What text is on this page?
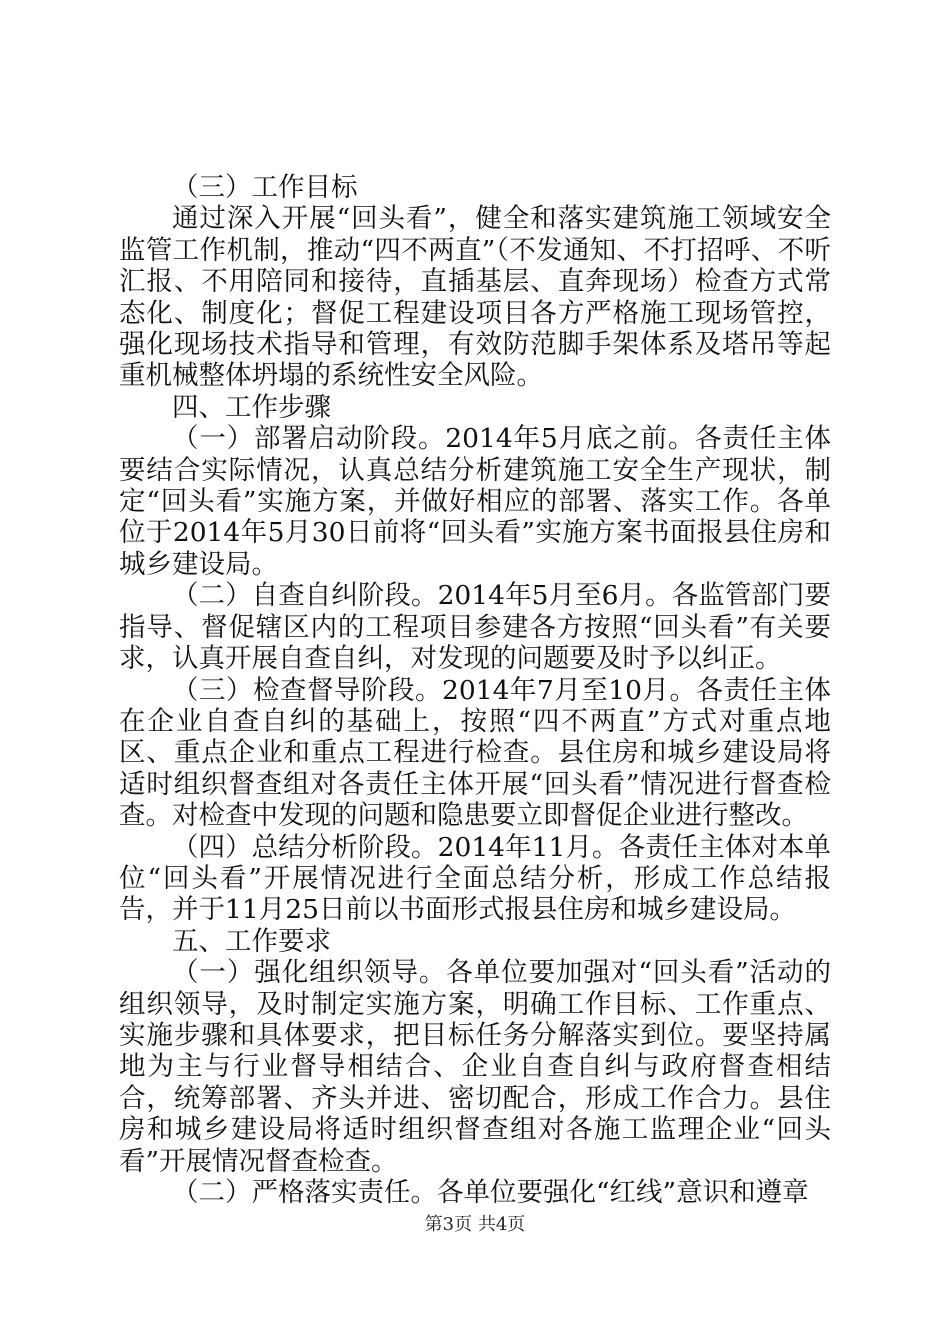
（三）工作目标

通过深入开展“回头看”，健全和落实建筑施工领域安全监管工作机制，推动“四不两直”（不发通知、不打招呼、不听汇报、不用陪同和接待，直插基层、直奔现场）检查方式常态化、制度化；督促工程建设项目各方严格施工现场管控，强化现场技术指导和管理，有效防范脚手架体系及塔吊等起重机械整体坍塌的系统性安全风险。

四、工作步骤

（一）部署启动阶段。2014年5月底之前。各责任主体要结合实际情况，认真总结分析建筑施工安全生产现状，制定“回头看”实施方案，并做好相应的部署、落实工作。各单位于2014年5月30日前将“回头看”实施方案书面报县住房和城乡建设局。

（二）自查自纠阶段。2014年5月至6月。各监管部门要指导、督促辖区内的工程项目参建各方按照“回头看”有关要求，认真开展自查自纠，对发现的问题要及时予以纠正。

（三）检查督导阶段。2014年7月至10月。各责任主体在企业自查自纠的基础上，按照“四不两直”方式对重点地区、重点企业和重点工程进行检查。县住房和城乡建设局将适时组织督查组对各责任主体开展“回头看”情况进行督查检查。对检查中发现的问题和隐患要立即督促企业进行整改。

（四）总结分析阶段。2014年11月。各责任主体对本单位“回头看”开展情况进行全面总结分析，形成工作总结报告，并于11月25日前以书面形式报县住房和城乡建设局。

五、工作要求

（一）强化组织领导。各单位要加强对“回头看”活动的组织领导，及时制定实施方案，明确工作目标、工作重点、实施步骤和具体要求，把目标任务分解落实到位。要坚持属地为主与行业督导相结合、企业自查自纠与政府督查相结合，统筹部署、齐头并进、密切配合，形成工作合力。县住房和城乡建设局将适时组织督查组对各施工监理企业“回头看”开展情况督查检查。

（二）严格落实责任。各单位要强化“红线”意识和遵章

第3页 共4页
